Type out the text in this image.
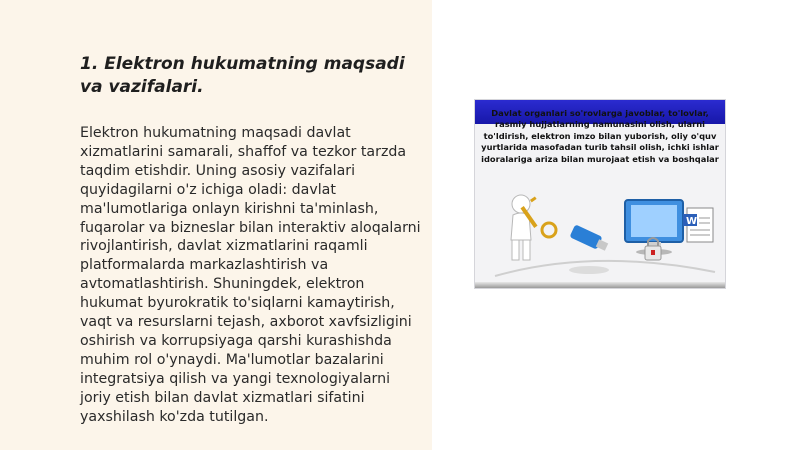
1. Elektron hukumatning maqsadi va vazifalari.

Elektron hukumatning maqsadi davlat xizmatlarini samarali, shaffof va tezkor tarzda taqdim etishdir. Uning asosiy vazifalari quyidagilarni o'z ichiga oladi: davlat ma'lumotlariga onlayn kirishni ta'minlash, fuqarolar va bizneslar bilan interaktiv aloqalarni rivojlantirish, davlat xizmatlarini raqamli platformalarda markazlashtirish va avtomatlashtirish. Shuningdek, elektron hukumat byurokratik to'siqlarni kamaytirish, vaqt va resurslarni tejash, axborot xavfsizligini oshirish va korrupsiyaga qarshi kurashishda muhim rol o'ynaydi. Ma'lumotlar bazalarini integratsiya qilish va yangi texnologiyalarni joriy etish bilan davlat xizmatlari sifatini yaxshilash ko'zda tutilgan.

Davlat organlari so'rovlarga javoblar, to'lovlar, rasmiy hujjatlarning namunasini olish, ularni to'ldirish, elektron imzo bilan yuborish, oliy o'quv yurtlarida masofadan turib tahsil olish, ichki ishlar idoralariga ariza bilan murojaat etish va boshqalar

W
